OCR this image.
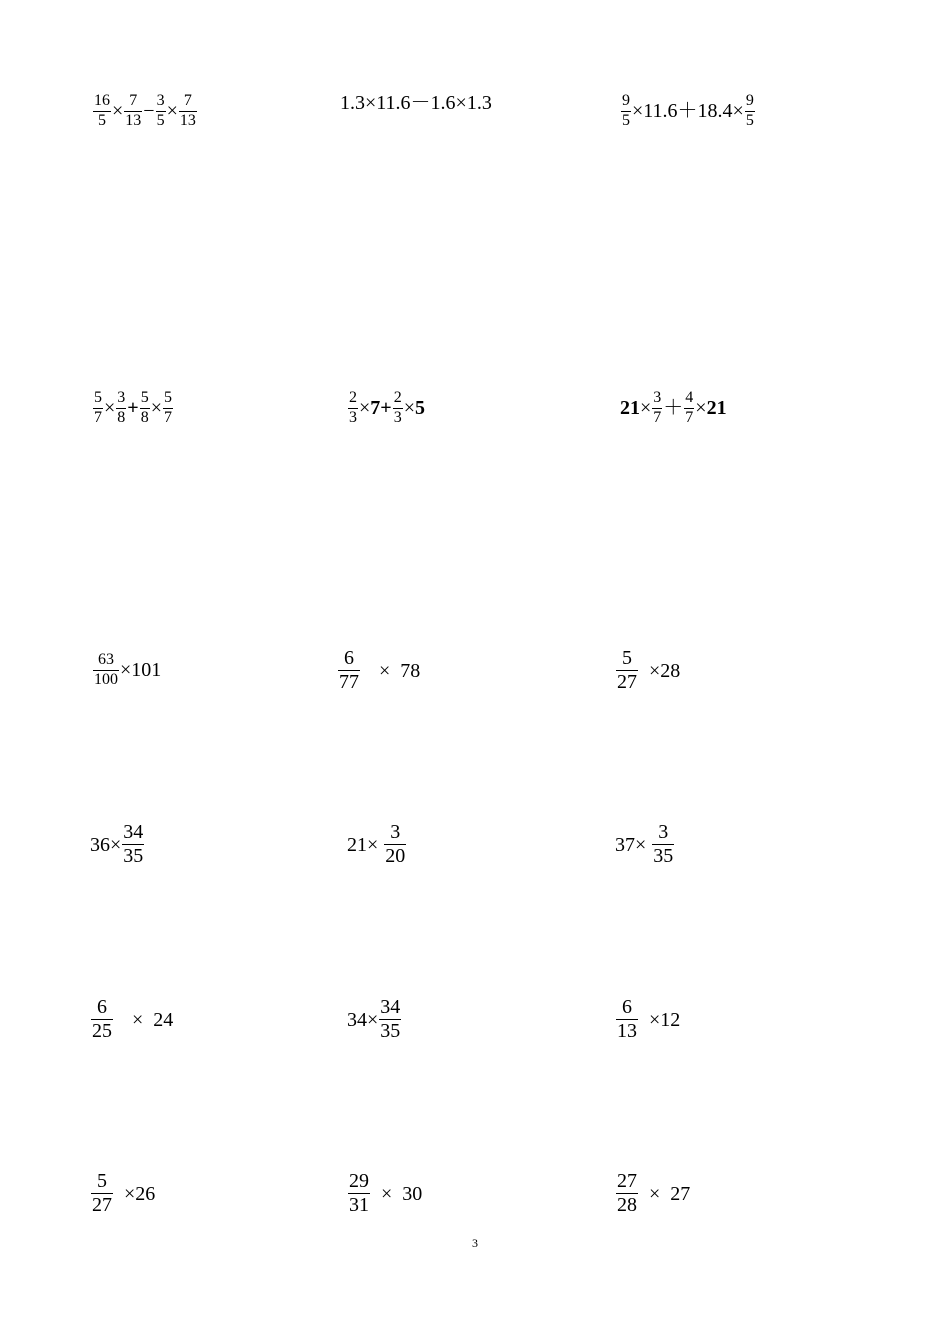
$\frac{16}{5} \times \frac{7}{13} - \frac{3}{5} \times \frac{7}{13}$	1.3×11.6－1.6×1.3	$\frac{9}{5} \times 11.6+18.4\times \frac{9}{5}$
$\frac{5}{7} \times \frac{3}{8} + \frac{5}{8} \times \frac{5}{7}$	$\frac{2}{3} \times 7+ \frac{2}{3} \times 5$	$21 \times \frac{3}{7} + \frac{4}{7} \times 21$
$\frac{63}{100} \times 101$	$\frac{6}{77} \times 78$	$\frac{5}{27} \times 28$
$36\times \frac{34}{35}$	$21\times \frac{3}{20}$	$37\times \frac{3}{35}$
$\frac{6}{25} \times 24$	$34\times \frac{34}{35}$	$\frac{6}{13} \times 12$
$\frac{5}{27} \times 26$	$\frac{29}{31} \times 30$	$\frac{27}{28} \times 27$
3
